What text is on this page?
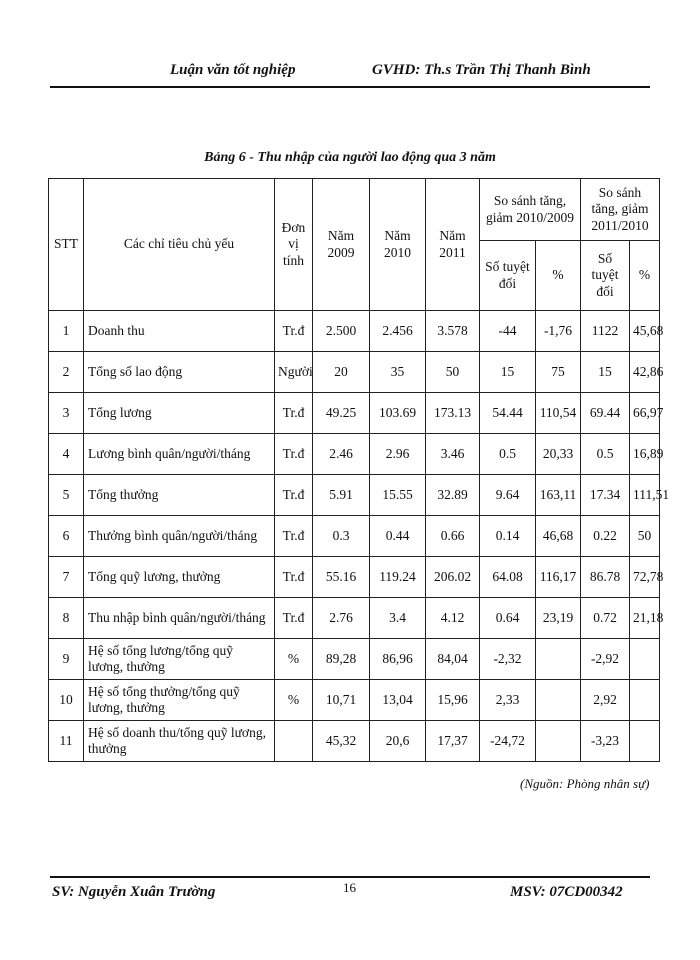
Luận văn tốt nghiệp	GVHD: Th.s Trần Thị Thanh Bình
Bảng 6 - Thu nhập của người lao động qua 3 năm
STT	Các chỉ tiêu chủ yếu	Đơn vị tính	Năm 2009	Năm 2010	Năm 2011	So sánh tăng, giảm 2010/2009		So sánh tăng, giảm 2011/2010	
						Số tuyệt đối	%	Số tuyệt đối	%
1	Doanh thu	Tr.đ	2.500	2.456	3.578	-44	-1,76	1122	45,68
2	Tổng số lao động	Người	20	35	50	15	75	15	42,86
3	Tổng lương	Tr.đ	49.25	103.69	173.13	54.44	110,54	69.44	66,97
4	Lương bình quân/người/tháng	Tr.đ	2.46	2.96	3.46	0.5	20,33	0.5	16,89
5	Tổng thưởng	Tr.đ	5.91	15.55	32.89	9.64	163,11	17.34	111,51
6	Thưởng bình quân/người/tháng	Tr.đ	0.3	0.44	0.66	0.14	46,68	0.22	50
7	Tổng quỹ lương, thưởng	Tr.đ	55.16	119.24	206.02	64.08	116,17	86.78	72,78
8	Thu nhập bình quân/người/tháng	Tr.đ	2.76	3.4	4.12	0.64	23,19	0.72	21,18
9	Hệ số tổng lương/tổng quỹ lương, thưởng	%	89,28	86,96	84,04	-2,32		-2,92	
10	Hệ số tổng thưởng/tổng quỹ lương, thưởng	%	10,71	13,04	15,96	2,33		2,92	
11	Hệ số doanh thu/tổng quỹ lương, thưởng		45,32	20,6	17,37	-24,72		-3,23	
(Nguồn: Phòng nhân sự)
SV: Nguyễn Xuân Trường	16	MSV: 07CD00342
